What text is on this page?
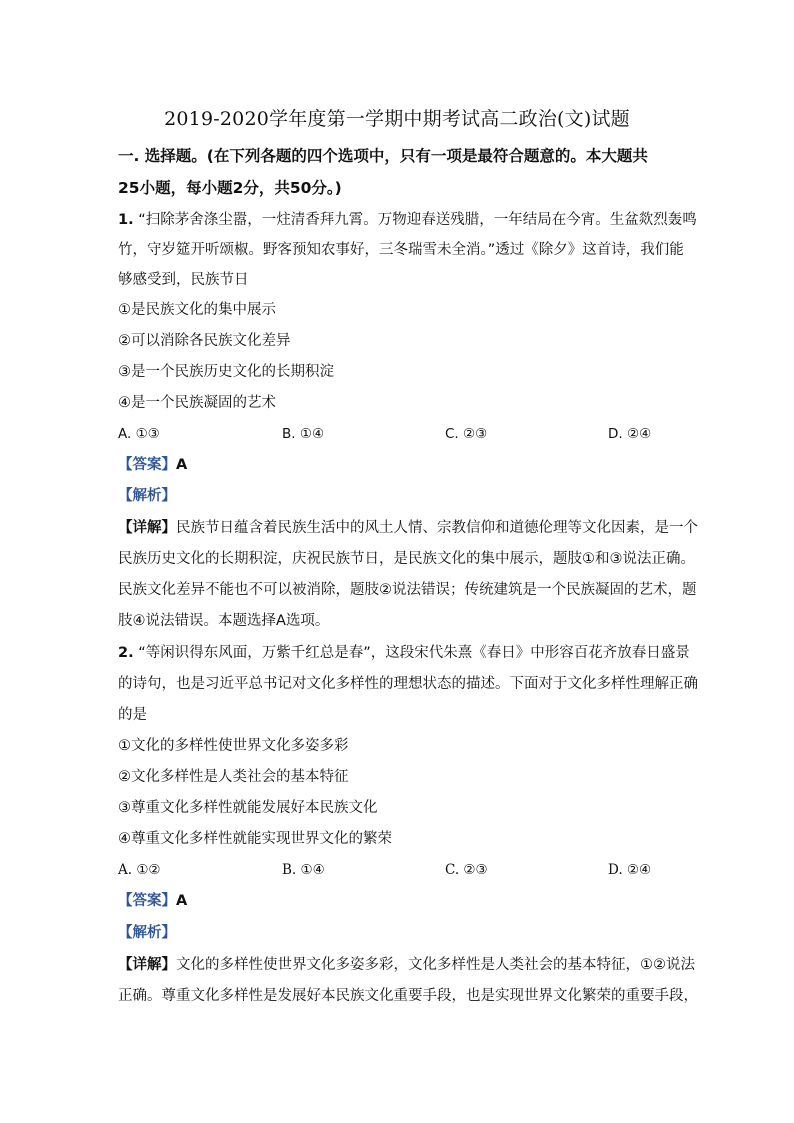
2019-2020学年度第一学期中期考试高二政治(文)试题
一. 选择题。(在下列各题的四个选项中，只有一项是最符合题意的。本大题共
25小题，每小题2分，共50分。)
1. “扫除茅舍涤尘嚣，一炷清香拜九霄。万物迎春送残腊，一年结局在今宵。生盆欻烈轰鸣
竹，守岁筵开听颂椒。野客预知农事好，三冬瑞雪未全消。”透过《除夕》这首诗，我们能
够感受到，民族节日
①是民族文化的集中展示
②可以消除各民族文化差异
③是一个民族历史文化的长期积淀
④是一个民族凝固的艺术
A. ①③	B. ①④	C. ②③	D. ②④
【答案】A
【解析】
【详解】民族节日蕴含着民族生活中的风土人情、宗教信仰和道德伦理等文化因素，是一个
民族历史文化的长期积淀，庆祝民族节日，是民族文化的集中展示，题肢①和③说法正确。
民族文化差异不能也不可以被消除，题肢②说法错误；传统建筑是一个民族凝固的艺术，题
肢④说法错误。本题选择A选项。
2. “等闲识得东风面，万紫千红总是春”，这段宋代朱熹《春日》中形容百花齐放春日盛景
的诗句，也是习近平总书记对文化多样性的理想状态的描述。下面对于文化多样性理解正确
的是
①文化的多样性使世界文化多姿多彩
②文化多样性是人类社会的基本特征
③尊重文化多样性就能发展好本民族文化
④尊重文化多样性就能实现世界文化的繁荣
A. ①②	B. ①④	C. ②③	D. ②④
【答案】A
【解析】
【详解】文化的多样性使世界文化多姿多彩，文化多样性是人类社会的基本特征，①②说法
正确。尊重文化多样性是发展好本民族文化重要手段，也是实现世界文化繁荣的重要手段，
